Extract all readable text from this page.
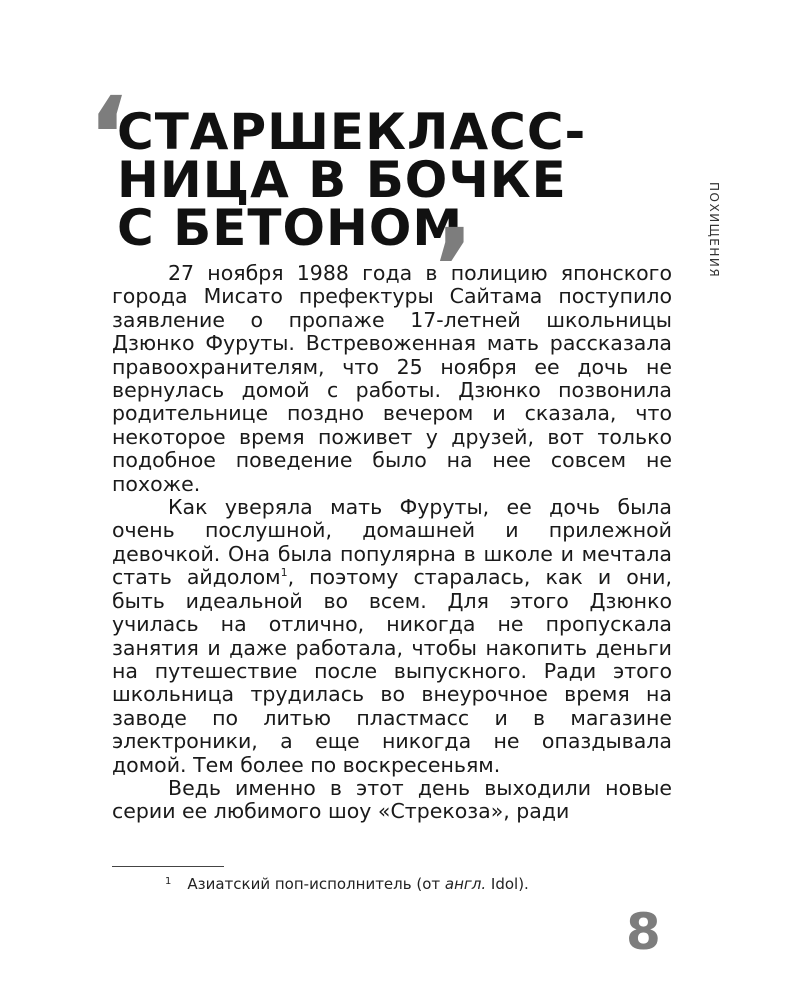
‘
СТАРШЕКЛАСС-
НИЦА В БОЧКЕ
С БЕТОНОМ
’	ПОХИЩЕНИЯ

27 ноября 1988 года в полицию японского города Мисато префектуры Сайтама поступило заявление о пропаже 17-летней школьницы Дзюнко Фуруты. Встревоженная мать рассказала правоохранителям, что 25 ноября ее дочь не вернулась домой с работы. Дзюнко позвонила родительнице поздно вечером и сказала, что некоторое время поживет у друзей, вот только подобное поведение было на нее совсем не похоже.

Как уверяла мать Фуруты, ее дочь была очень послушной, домашней и прилежной девочкой. Она была популярна в школе и мечтала стать айдолом$^1$, поэтому старалась, как и они, быть идеальной во всем. Для этого Дзюнко училась на отлично, никогда не пропускала занятия и даже работала, чтобы накопить деньги на путешествие после выпускного. Ради этого школьница трудилась во внеурочное время на заводе по литью пластмасс и в магазине электроники, а еще никогда не опаздывала домой. Тем более по воскресеньям.

Ведь именно в этот день выходили новые серии ее любимого шоу «Стрекоза», ради

$^1$ Азиатский поп-исполнитель (от англ. Idol).
8
